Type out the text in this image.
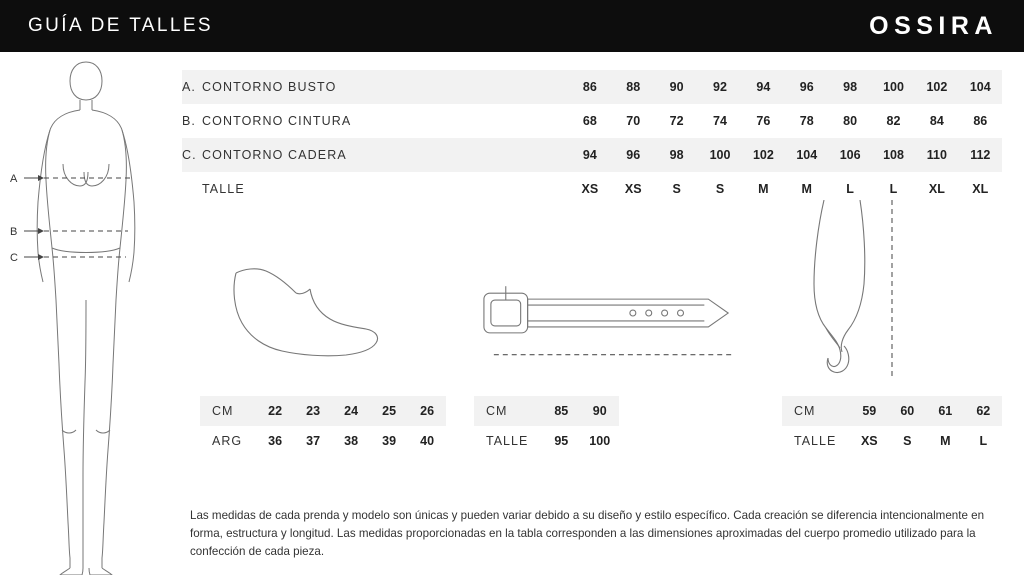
GUÍA DE TALLES	OSSIRA
A
B
C
A. CONTORNO BUSTO	86	88	90	92	94	96	98	100	102	104
B. CONTORNO CINTURA	68	70	72	74	76	78	80	82	84	86
C. CONTORNO CADERA	94	96	98	100	102	104	106	108	110	112
TALLE	XS	XS	S	S	M	M	L	L	XL	XL
CM	22	23	24	25	26
ARG	36	37	38	39	40
CM	85	90
TALLE	95	100
CM	59	60	61	62
TALLE	XS	S	M	L

Las medidas de cada prenda y modelo son únicas y pueden variar debido a su diseño y estilo específico. Cada creación se diferencia intencionalmente en forma, estructura y longitud. Las medidas proporcionadas en la tabla corresponden a las dimensiones aproximadas del cuerpo promedio utilizado para la confección de cada pieza.
